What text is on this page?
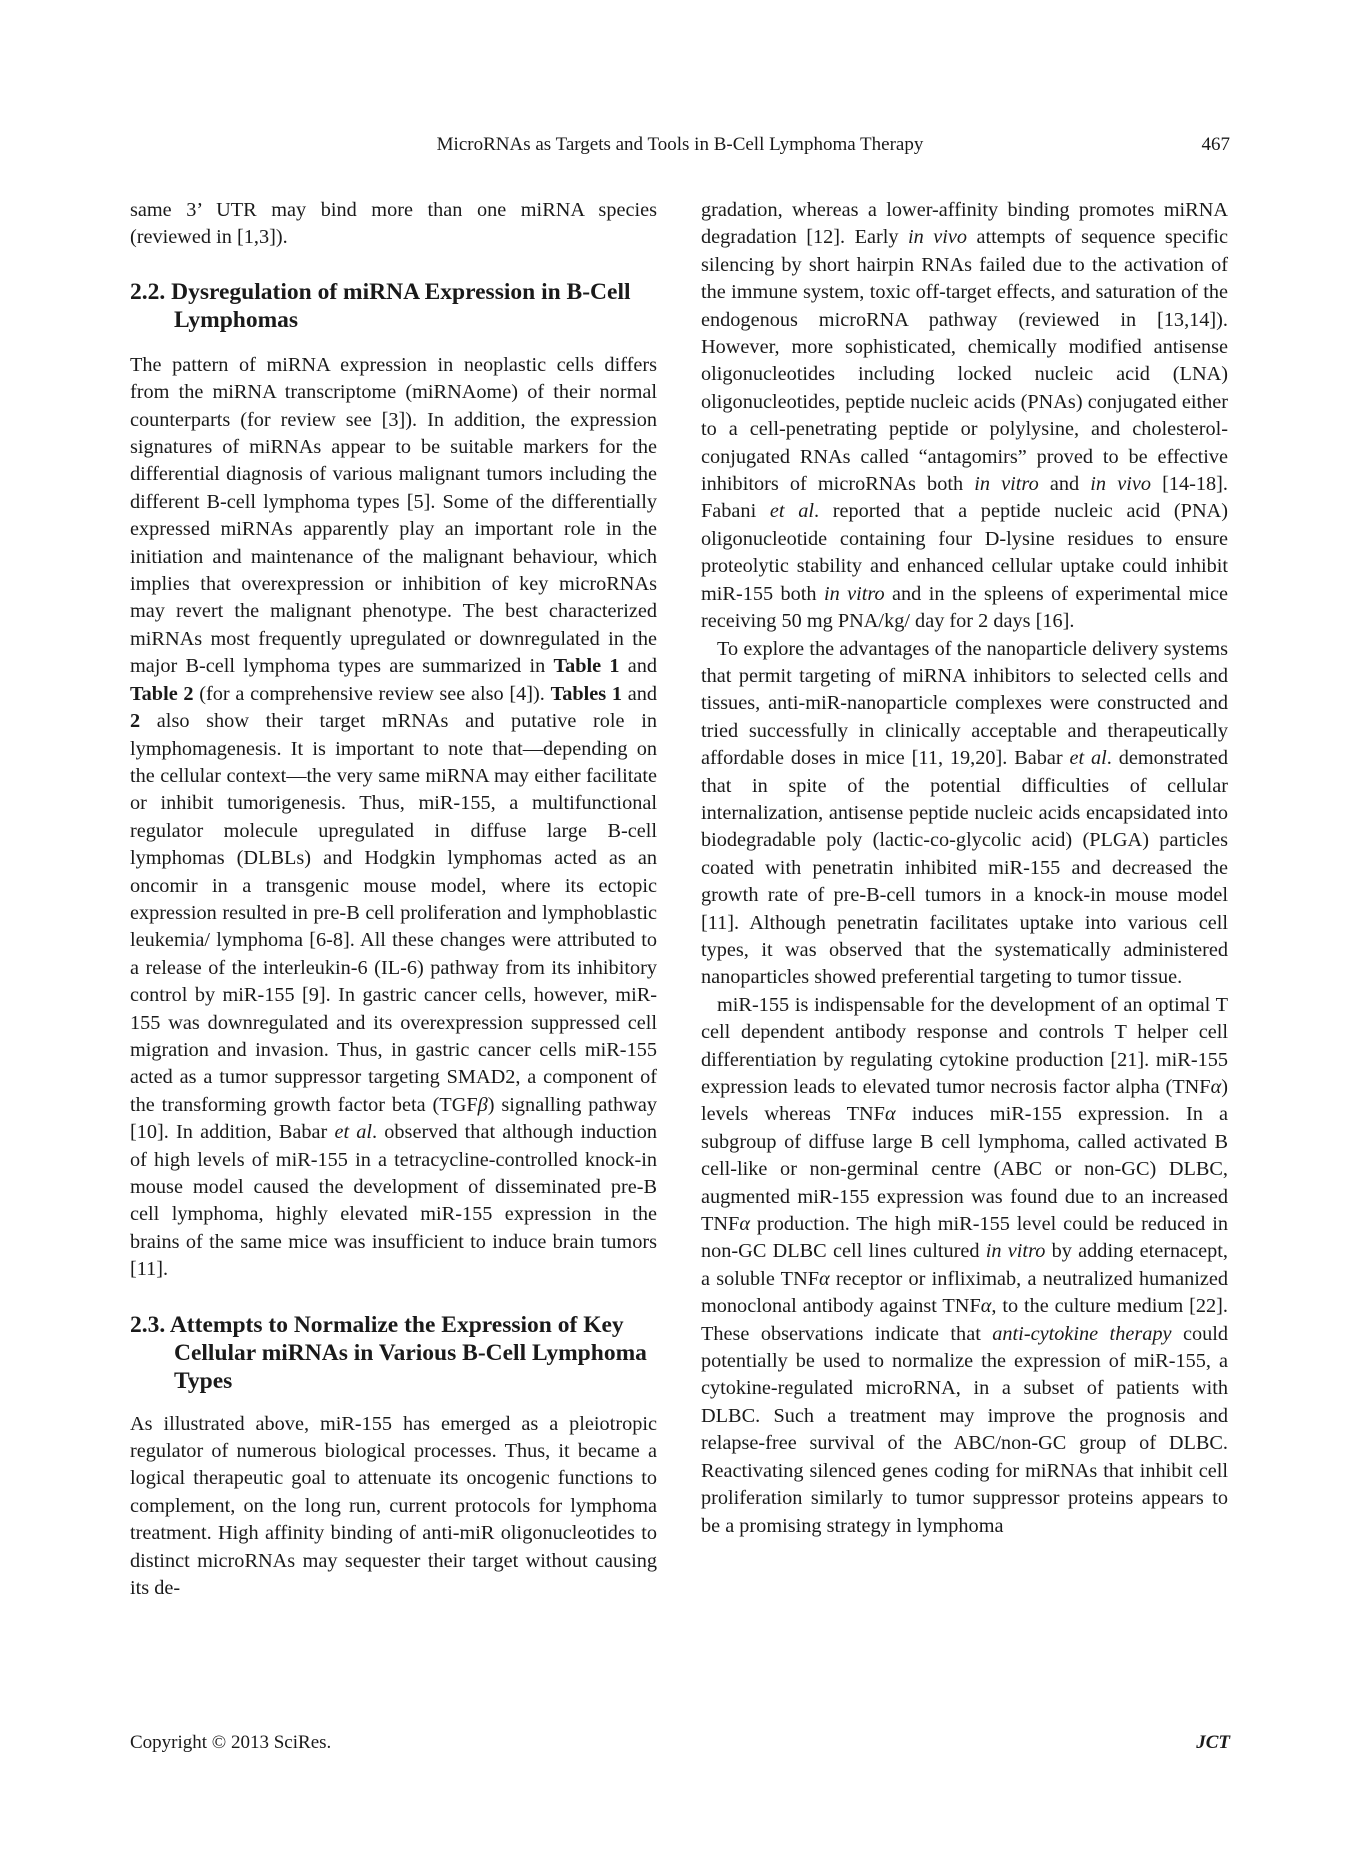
MicroRNAs as Targets and Tools in B-Cell Lymphoma Therapy	467

same 3’ UTR may bind more than one miRNA species (reviewed in [1,3]).

2.2. Dysregulation of miRNA Expression in B-Cell Lymphomas

The pattern of miRNA expression in neoplastic cells differs from the miRNA transcriptome (miRNAome) of their normal counterparts (for review see [3]). In addition, the expression signatures of miRNAs appear to be suitable markers for the differential diagnosis of various malignant tumors including the different B-cell lymphoma types [5]. Some of the differentially expressed miRNAs apparently play an important role in the initiation and maintenance of the malignant behaviour, which implies that overexpression or inhibition of key microRNAs may revert the malignant phenotype. The best characterized miRNAs most frequently upregulated or downregulated in the major B-cell lymphoma types are summarized in Table 1 and Table 2 (for a comprehensive review see also [4]). Tables 1 and 2 also show their target mRNAs and putative role in lymphomagenesis. It is important to note that—depending on the cellular context—the very same miRNA may either facilitate or inhibit tumorigenesis. Thus, miR-155, a multifunctional regulator molecule upregulated in diffuse large B-cell lymphomas (DLBLs) and Hodgkin lymphomas acted as an oncomir in a transgenic mouse model, where its ectopic expression resulted in pre-B cell proliferation and lymphoblastic leukemia/ lymphoma [6-8]. All these changes were attributed to a release of the interleukin-6 (IL-6) pathway from its inhibitory control by miR-155 [9]. In gastric cancer cells, however, miR-155 was downregulated and its overexpression suppressed cell migration and invasion. Thus, in gastric cancer cells miR-155 acted as a tumor suppressor targeting SMAD2, a component of the transforming growth factor beta (TGFβ) signalling pathway [10]. In addition, Babar et al. observed that although induction of high levels of miR-155 in a tetracycline-controlled knock-in mouse model caused the development of disseminated pre-B cell lymphoma, highly elevated miR-155 expression in the brains of the same mice was insufficient to induce brain tumors [11].

2.3. Attempts to Normalize the Expression of Key Cellular miRNAs in Various B-Cell Lymphoma Types

As illustrated above, miR-155 has emerged as a pleiotropic regulator of numerous biological processes. Thus, it became a logical therapeutic goal to attenuate its oncogenic functions to complement, on the long run, current protocols for lymphoma treatment. High affinity binding of anti-miR oligonucleotides to distinct microRNAs may sequester their target without causing its de-

gradation, whereas a lower-affinity binding promotes miRNA degradation [12]. Early in vivo attempts of sequence specific silencing by short hairpin RNAs failed due to the activation of the immune system, toxic off-target effects, and saturation of the endogenous microRNA pathway (reviewed in [13,14]). However, more sophisticated, chemically modified antisense oligonucleotides including locked nucleic acid (LNA) oligonucleotides, peptide nucleic acids (PNAs) conjugated either to a cell-penetrating peptide or polylysine, and cholesterol-conjugated RNAs called “antagomirs” proved to be effective inhibitors of microRNAs both in vitro and in vivo [14-18]. Fabani et al. reported that a peptide nucleic acid (PNA) oligonucleotide containing four D-lysine residues to ensure proteolytic stability and enhanced cellular uptake could inhibit miR-155 both in vitro and in the spleens of experimental mice receiving 50 mg PNA/kg/ day for 2 days [16].

To explore the advantages of the nanoparticle delivery systems that permit targeting of miRNA inhibitors to selected cells and tissues, anti-miR-nanoparticle complexes were constructed and tried successfully in clinically acceptable and therapeutically affordable doses in mice [11, 19,20]. Babar et al. demonstrated that in spite of the potential difficulties of cellular internalization, antisense peptide nucleic acids encapsidated into biodegradable poly (lactic-co-glycolic acid) (PLGA) particles coated with penetratin inhibited miR-155 and decreased the growth rate of pre-B-cell tumors in a knock-in mouse model [11]. Although penetratin facilitates uptake into various cell types, it was observed that the systematically administered nanoparticles showed preferential targeting to tumor tissue.

miR-155 is indispensable for the development of an optimal T cell dependent antibody response and controls T helper cell differentiation by regulating cytokine production [21]. miR-155 expression leads to elevated tumor necrosis factor alpha (TNFα) levels whereas TNFα induces miR-155 expression. In a subgroup of diffuse large B cell lymphoma, called activated B cell-like or non-germinal centre (ABC or non-GC) DLBC, augmented miR-155 expression was found due to an increased TNFα production. The high miR-155 level could be reduced in non-GC DLBC cell lines cultured in vitro by adding eternacept, a soluble TNFα receptor or infliximab, a neutralized humanized monoclonal antibody against TNFα, to the culture medium [22]. These observations indicate that anti-cytokine therapy could potentially be used to normalize the expression of miR-155, a cytokine-regulated microRNA, in a subset of patients with DLBC. Such a treatment may improve the prognosis and relapse-free survival of the ABC/non-GC group of DLBC. Reactivating silenced genes coding for miRNAs that inhibit cell proliferation similarly to tumor suppressor proteins appears to be a promising strategy in lymphoma

Copyright © 2013 SciRes.	JCT
